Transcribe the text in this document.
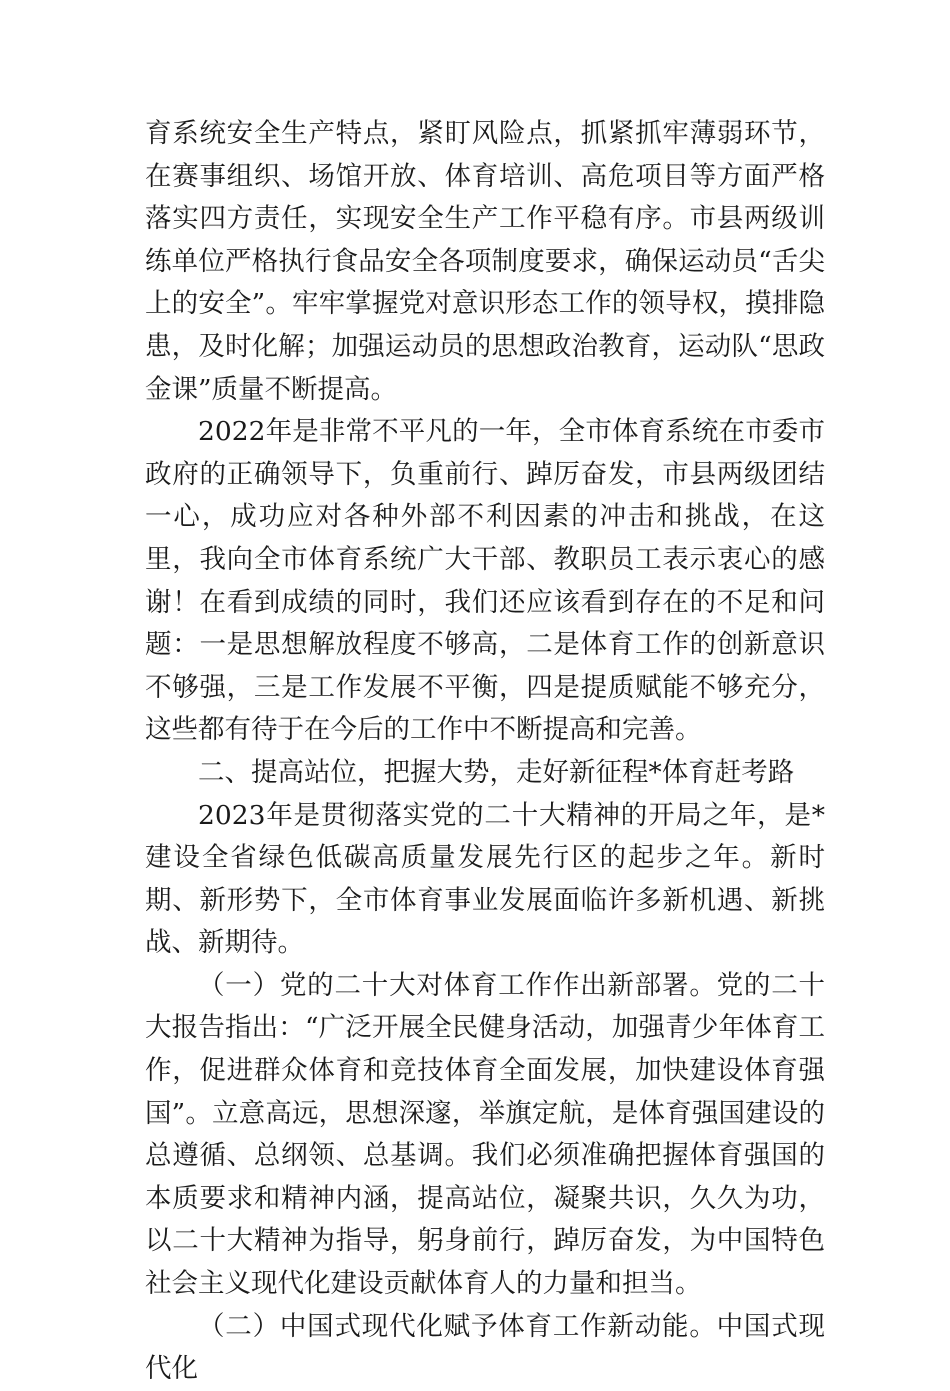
育系统安全生产特点，紧盯风险点，抓紧抓牢薄弱环节，在赛事组织、场馆开放、体育培训、高危项目等方面严格落实四方责任，实现安全生产工作平稳有序。市县两级训练单位严格执行食品安全各项制度要求，确保运动员“舌尖上的安全”。牢牢掌握党对意识形态工作的领导权，摸排隐患，及时化解；加强运动员的思想政治教育，运动队“思政金课”质量不断提高。

2022年是非常不平凡的一年，全市体育系统在市委市政府的正确领导下，负重前行、踔厉奋发，市县两级团结一心，成功应对各种外部不利因素的冲击和挑战，在这里，我向全市体育系统广大干部、教职员工表示衷心的感谢！在看到成绩的同时，我们还应该看到存在的不足和问题：一是思想解放程度不够高，二是体育工作的创新意识不够强，三是工作发展不平衡，四是提质赋能不够充分，这些都有待于在今后的工作中不断提高和完善。

二、提高站位，把握大势，走好新征程*体育赶考路

2023年是贯彻落实党的二十大精神的开局之年，是*建设全省绿色低碳高质量发展先行区的起步之年。新时期、新形势下，全市体育事业发展面临许多新机遇、新挑战、新期待。

（一）党的二十大对体育工作作出新部署。党的二十大报告指出：“广泛开展全民健身活动，加强青少年体育工作，促进群众体育和竞技体育全面发展，加快建设体育强国”。立意高远，思想深邃，举旗定航，是体育强国建设的总遵循、总纲领、总基调。我们必须准确把握体育强国的本质要求和精神内涵，提高站位，凝聚共识，久久为功，以二十大精神为指导，躬身前行，踔厉奋发，为中国特色社会主义现代化建设贡献体育人的力量和担当。

（二）中国式现代化赋予体育工作新动能。中国式现代化
